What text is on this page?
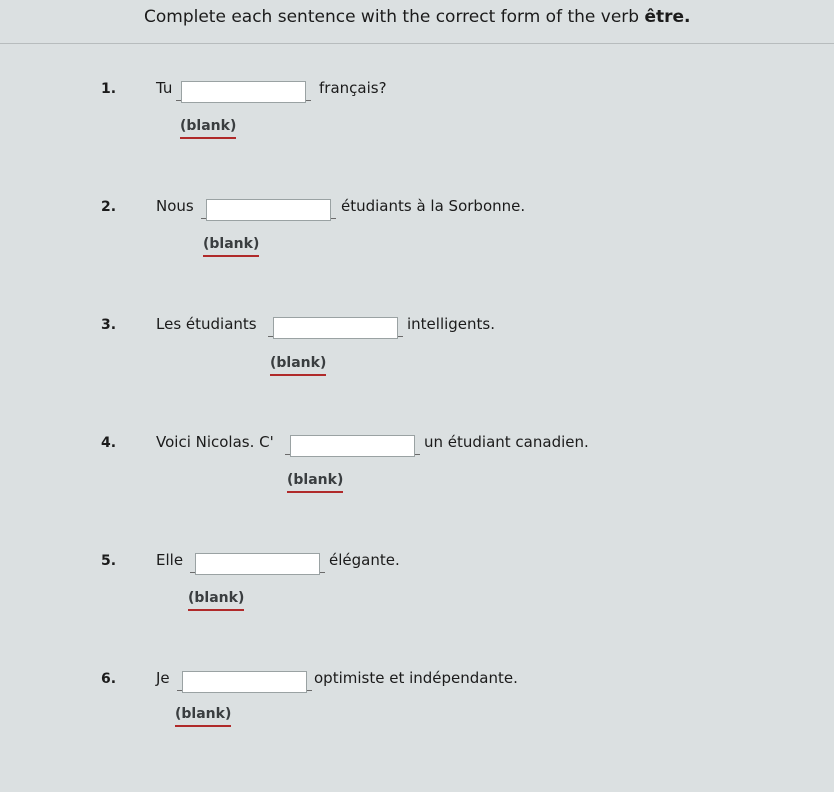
Complete each sentence with the correct form of the verb être.
1.	Tu	français?
(blank)
2.	Nous	étudiants à la Sorbonne.
(blank)
3.	Les étudiants	intelligents.
(blank)
4.	Voici Nicolas. C'	un étudiant canadien.
(blank)
5.	Elle	élégante.
(blank)
6.	Je	optimiste et indépendante.
(blank)
